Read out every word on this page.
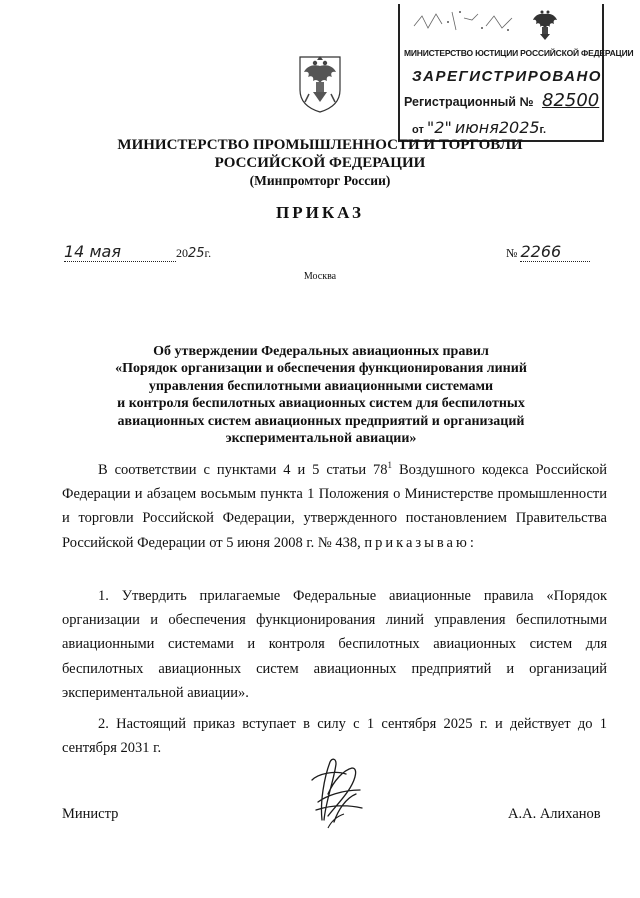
МИНИСТЕРСТВО ЮСТИЦИИ РОССИЙСКОЙ ФЕДЕРАЦИИ
ЗАРЕГИСТРИРОВАНО
Регистрационный № 82500
от "2" июня2025г.
МИНИСТЕРСТВО ПРОМЫШЛЕННОСТИ И ТОРГОВЛИ
РОССИЙСКОЙ ФЕДЕРАЦИИ
(Минпромторг России)
ПРИКАЗ
14 мая	2025г.	№ 2266
Москва
Об утверждении Федеральных авиационных правил
«Порядок организации и обеспечения функционирования линий
управления беспилотными авиационными системами
и контроля беспилотных авиационных систем для беспилотных
авиационных систем авиационных предприятий и организаций
экспериментальной авиации»
В соответствии с пунктами 4 и 5 статьи $78^1$ Воздушного кодекса Российской Федерации и абзацем восьмым пункта 1 Положения о Министерстве промышленности и торговли Российской Федерации, утвержденного постановлением Правительства Российской Федерации от 5 июня 2008 г. № 438, приказываю:
1. Утвердить прилагаемые Федеральные авиационные правила «Порядок организации и обеспечения функционирования линий управления беспилотными авиационными системами и контроля беспилотных авиационных систем для беспилотных авиационных систем авиационных предприятий и организаций экспериментальной авиации».
2. Настоящий приказ вступает в силу с 1 сентября 2025 г. и действует до 1 сентября 2031 г.
Министр	А.А. Алиханов
